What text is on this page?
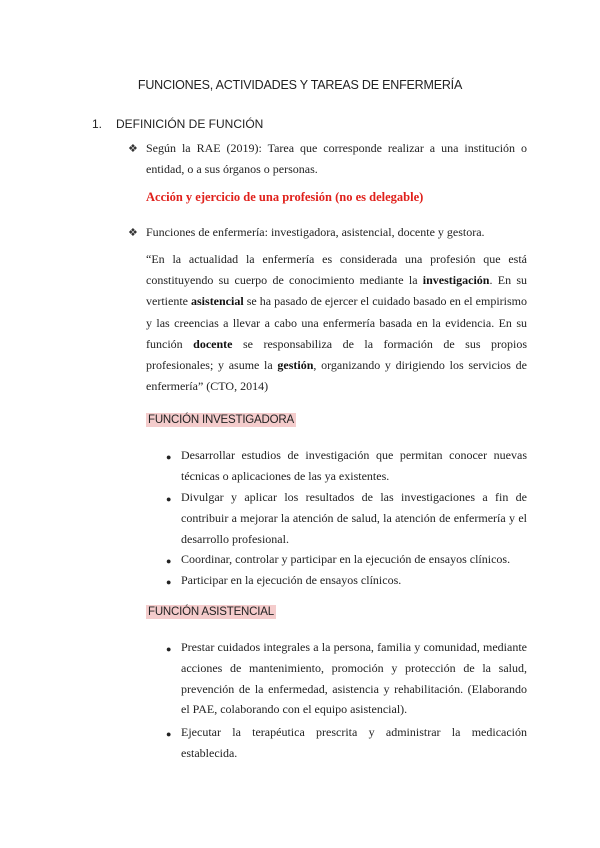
FUNCIONES, ACTIVIDADES Y TAREAS DE ENFERMERÍA
1. DEFINICIÓN DE FUNCIÓN
❖ Según la RAE (2019): Tarea que corresponde realizar a una institución o entidad, o a sus órganos o personas.
Acción y ejercicio de una profesión (no es delegable)
❖ Funciones de enfermería: investigadora, asistencial, docente y gestora.
“En la actualidad la enfermería es considerada una profesión que está constituyendo su cuerpo de conocimiento mediante la investigación. En su vertiente asistencial se ha pasado de ejercer el cuidado basado en el empirismo y las creencias a llevar a cabo una enfermería basada en la evidencia. En su función docente se responsabiliza de la formación de sus propios profesionales; y asume la gestión, organizando y dirigiendo los servicios de enfermería” (CTO, 2014)
FUNCIÓN INVESTIGADORA
● Desarrollar estudios de investigación que permitan conocer nuevas técnicas o aplicaciones de las ya existentes.
● Divulgar y aplicar los resultados de las investigaciones a fin de contribuir a mejorar la atención de salud, la atención de enfermería y el desarrollo profesional.
● Coordinar, controlar y participar en la ejecución de ensayos clínicos.
● Participar en la ejecución de ensayos clínicos.
FUNCIÓN ASISTENCIAL
● Prestar cuidados integrales a la persona, familia y comunidad, mediante acciones de mantenimiento, promoción y protección de la salud, prevención de la enfermedad, asistencia y rehabilitación. (Elaborando el PAE, colaborando con el equipo asistencial).
● Ejecutar la terapéutica prescrita y administrar la medicación establecida.
